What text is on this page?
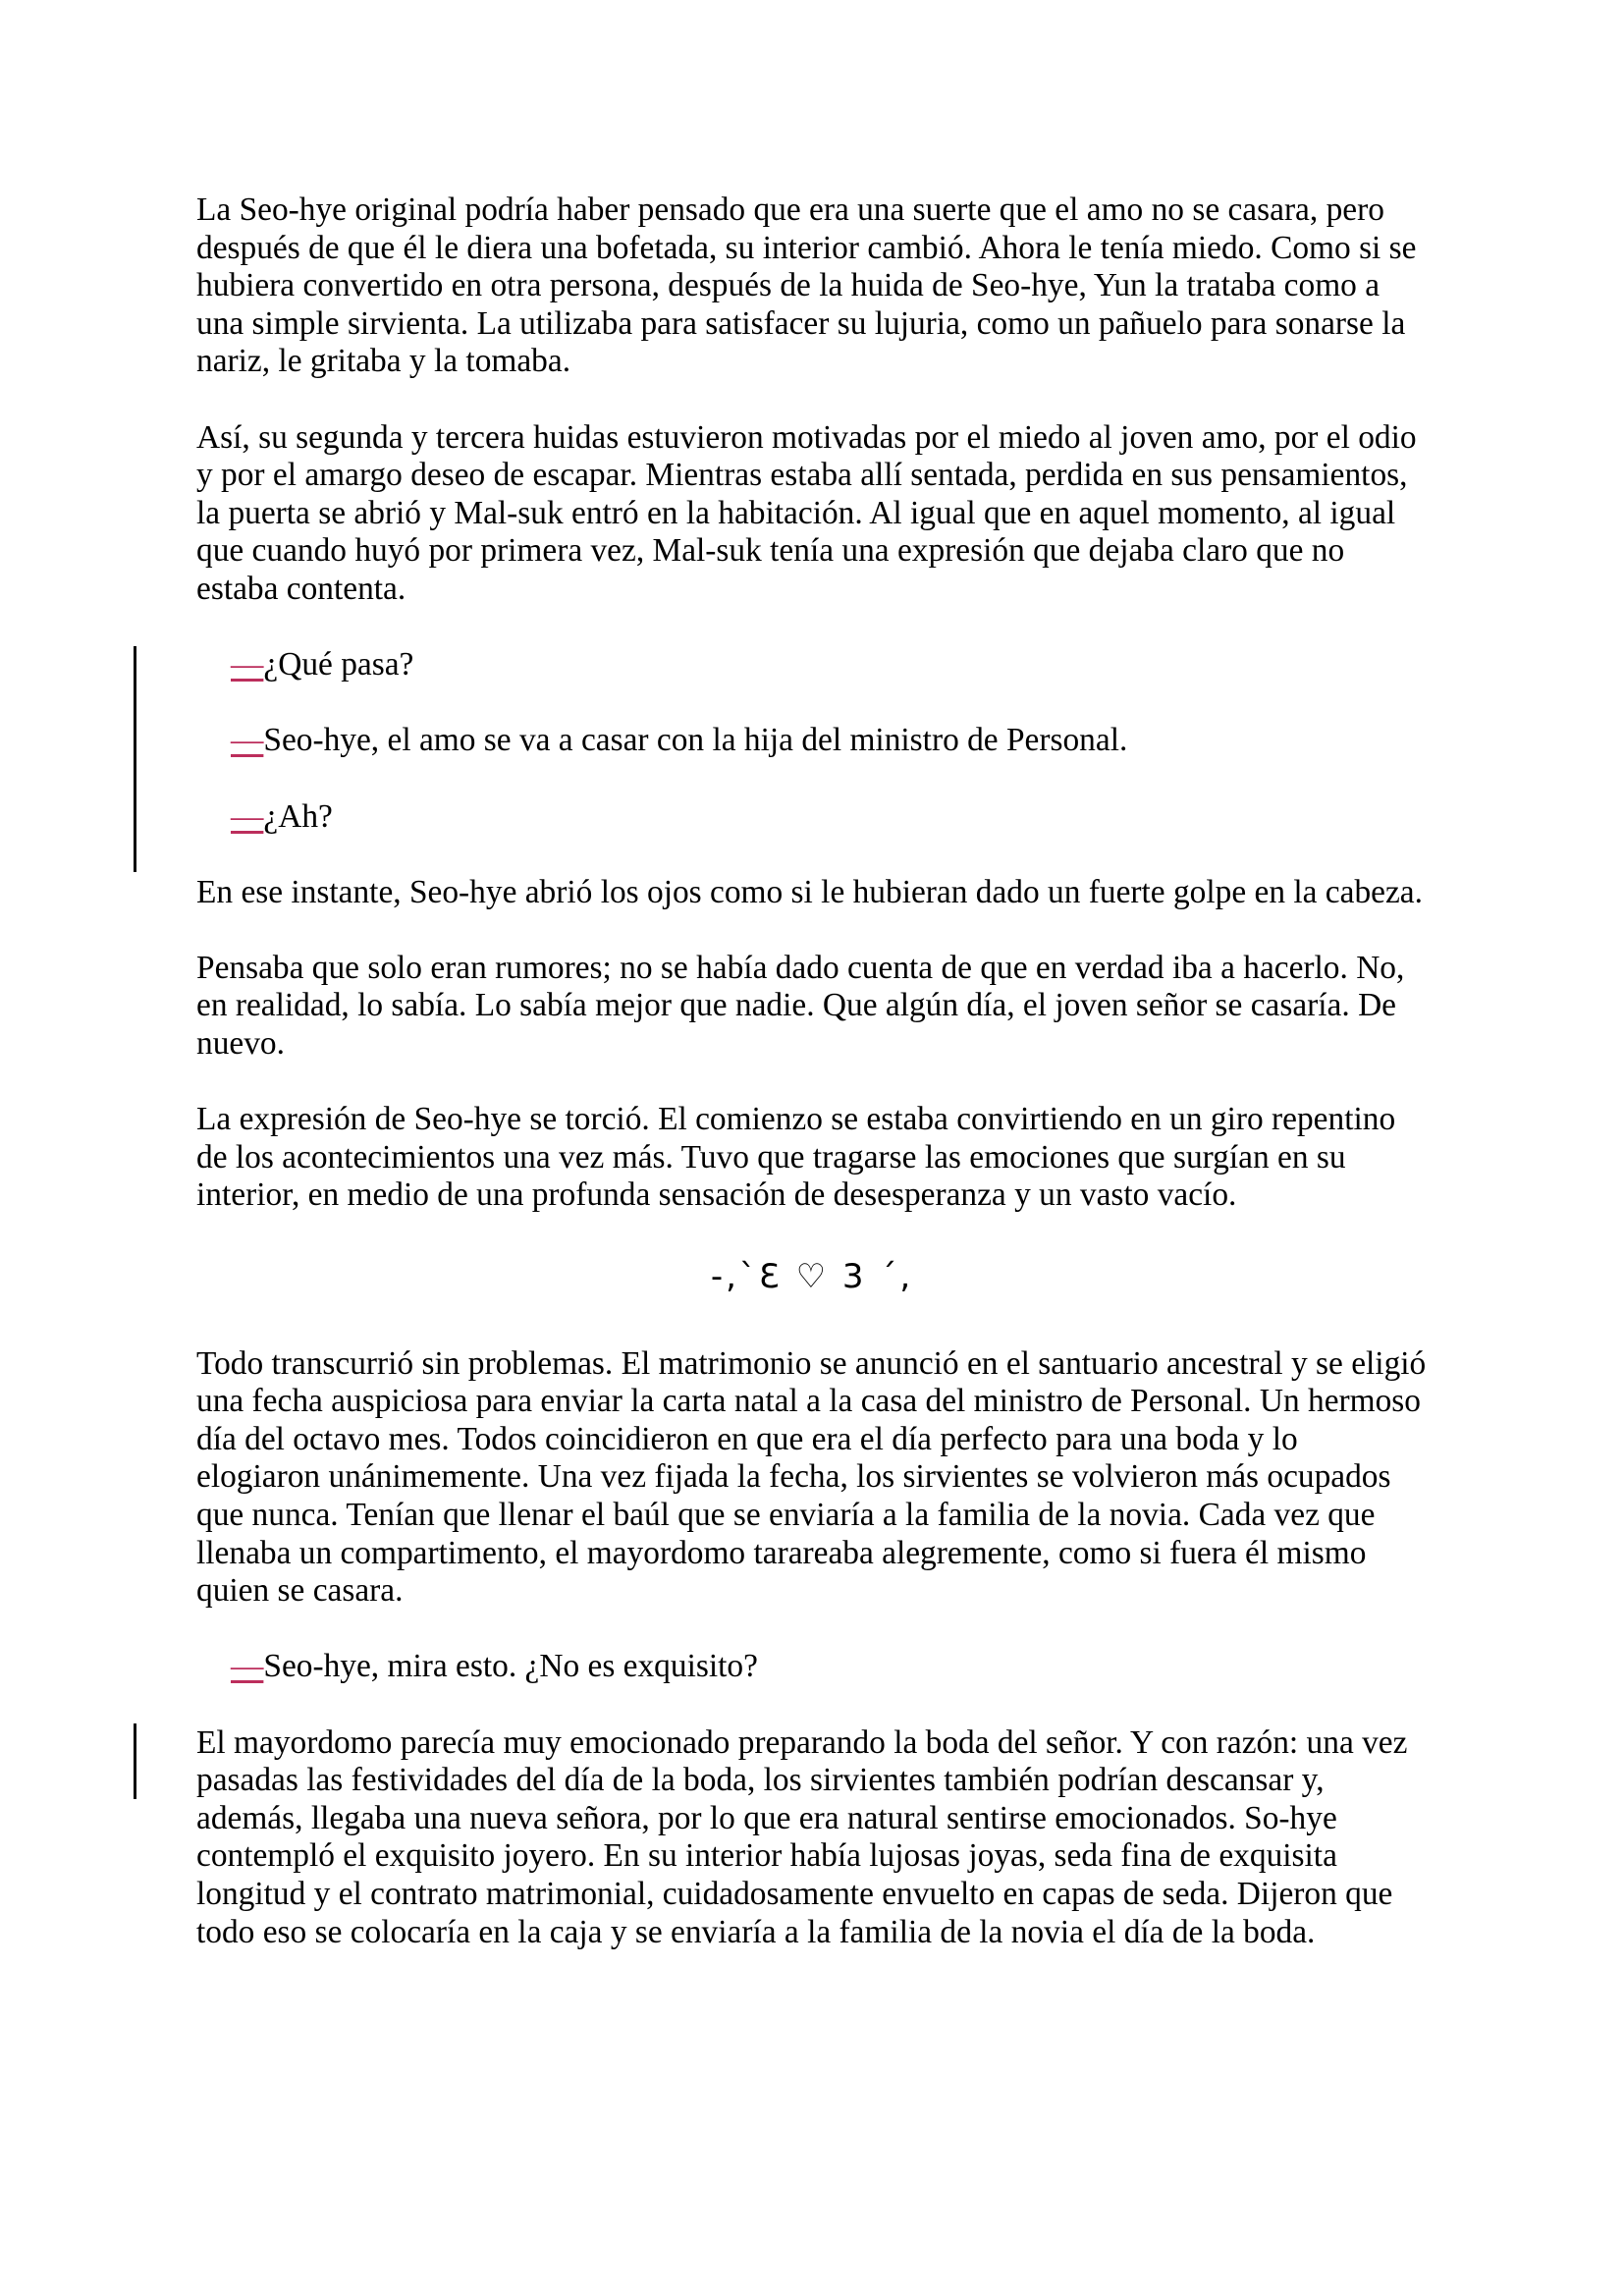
La Seo-hye original podría haber pensado que era una suerte que el amo no se casara, pero después de que él le diera una bofetada, su interior cambió. Ahora le tenía miedo. Como si se hubiera convertido en otra persona, después de la huida de Seo-hye, Yun la trataba como a una simple sirvienta. La utilizaba para satisfacer su lujuria, como un pañuelo para sonarse la nariz, le gritaba y la tomaba.

Así, su segunda y tercera huidas estuvieron motivadas por el miedo al joven amo, por el odio y por el amargo deseo de escapar. Mientras estaba allí sentada, perdida en sus pensamientos, la puerta se abrió y Mal-suk entró en la habitación. Al igual que en aquel momento, al igual que cuando huyó por primera vez, Mal-suk tenía una expresión que dejaba claro que no estaba contenta.

—¿Qué pasa?

—Seo-hye, el amo se va a casar con la hija del ministro de Personal.

—¿Ah?

En ese instante, Seo-hye abrió los ojos como si le hubieran dado un fuerte golpe en la cabeza.

Pensaba que solo eran rumores; no se había dado cuenta de que en verdad iba a hacerlo. No, en realidad, lo sabía. Lo sabía mejor que nadie. Que algún día, el joven señor se casaría. De nuevo.

La expresión de Seo-hye se torció. El comienzo se estaba convirtiendo en un giro repentino de los acontecimientos una vez más. Tuvo que tragarse las emociones que surgían en su interior, en medio de una profunda sensación de desesperanza y un vasto vacío.

-,`Ɛ ♡ 3 ´,

Todo transcurrió sin problemas. El matrimonio se anunció en el santuario ancestral y se eligió una fecha auspiciosa para enviar la carta natal a la casa del ministro de Personal. Un hermoso día del octavo mes. Todos coincidieron en que era el día perfecto para una boda y lo elogiaron unánimemente. Una vez fijada la fecha, los sirvientes se volvieron más ocupados que nunca. Tenían que llenar el baúl que se enviaría a la familia de la novia. Cada vez que llenaba un compartimento, el mayordomo tarareaba alegremente, como si fuera él mismo quien se casara.

—Seo-hye, mira esto. ¿No es exquisito?

El mayordomo parecía muy emocionado preparando la boda del señor. Y con razón: una vez pasadas las festividades del día de la boda, los sirvientes también podrían descansar y, además, llegaba una nueva señora, por lo que era natural sentirse emocionados. So-hye contempló el exquisito joyero. En su interior había lujosas joyas, seda fina de exquisita longitud y el contrato matrimonial, cuidadosamente envuelto en capas de seda. Dijeron que todo eso se colocaría en la caja y se enviaría a la familia de la novia el día de la boda.
